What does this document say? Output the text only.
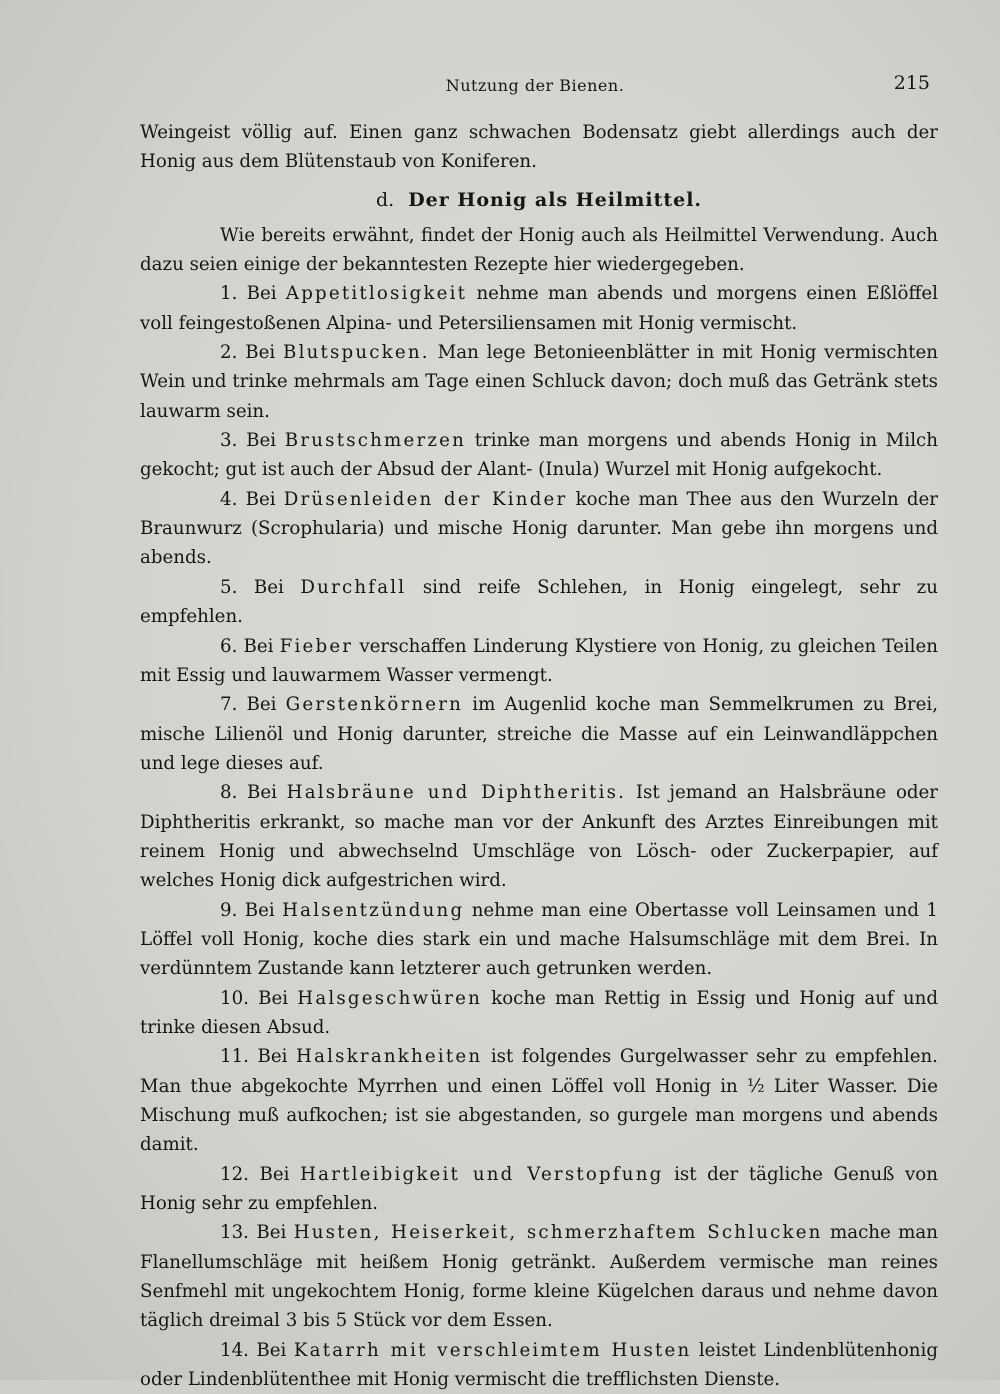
Nutzung der Bienen.	215

Weingeist völlig auf. Einen ganz schwachen Bodensatz giebt allerdings auch der Honig aus dem Blütenstaub von Koniferen.

d. Der Honig als Heilmittel.

Wie bereits erwähnt, findet der Honig auch als Heilmittel Verwendung. Auch dazu seien einige der bekanntesten Rezepte hier wiedergegeben.

1. Bei Appetitlosigkeit nehme man abends und morgens einen Eßlöffel voll feingestoßenen Alpina- und Petersiliensamen mit Honig vermischt.

2. Bei Blutspucken. Man lege Betonieenblätter in mit Honig vermischten Wein und trinke mehrmals am Tage einen Schluck davon; doch muß das Getränk stets lauwarm sein.

3. Bei Brustschmerzen trinke man morgens und abends Honig in Milch gekocht; gut ist auch der Absud der Alant- (Inula) Wurzel mit Honig aufgekocht.

4. Bei Drüsenleiden der Kinder koche man Thee aus den Wurzeln der Braunwurz (Scrophularia) und mische Honig darunter. Man gebe ihn morgens und abends.

5. Bei Durchfall sind reife Schlehen, in Honig eingelegt, sehr zu empfehlen.

6. Bei Fieber verschaffen Linderung Klystiere von Honig, zu gleichen Teilen mit Essig und lauwarmem Wasser vermengt.

7. Bei Gerstenkörnern im Augenlid koche man Semmelkrumen zu Brei, mische Lilienöl und Honig darunter, streiche die Masse auf ein Leinwandläppchen und lege dieses auf.

8. Bei Halsbräune und Diphtheritis. Ist jemand an Halsbräune oder Diphtheritis erkrankt, so mache man vor der Ankunft des Arztes Einreibungen mit reinem Honig und abwechselnd Umschläge von Lösch- oder Zuckerpapier, auf welches Honig dick aufgestrichen wird.

9. Bei Halsentzündung nehme man eine Obertasse voll Leinsamen und 1 Löffel voll Honig, koche dies stark ein und mache Halsumschläge mit dem Brei. In verdünntem Zustande kann letzterer auch getrunken werden.

10. Bei Halsgeschwüren koche man Rettig in Essig und Honig auf und trinke diesen Absud.

11. Bei Halskrankheiten ist folgendes Gurgelwasser sehr zu empfehlen. Man thue abgekochte Myrrhen und einen Löffel voll Honig in ½ Liter Wasser. Die Mischung muß aufkochen; ist sie abgestanden, so gurgele man morgens und abends damit.

12. Bei Hartleibigkeit und Verstopfung ist der tägliche Genuß von Honig sehr zu empfehlen.

13. Bei Husten, Heiserkeit, schmerzhaftem Schlucken mache man Flanellumschläge mit heißem Honig getränkt. Außerdem vermische man reines Senfmehl mit ungekochtem Honig, forme kleine Kügelchen daraus und nehme davon täglich dreimal 3 bis 5 Stück vor dem Essen.

14. Bei Katarrh mit verschleimtem Husten leistet Lindenblütenhonig oder Lindenblütenthee mit Honig vermischt die trefflichsten Dienste.
